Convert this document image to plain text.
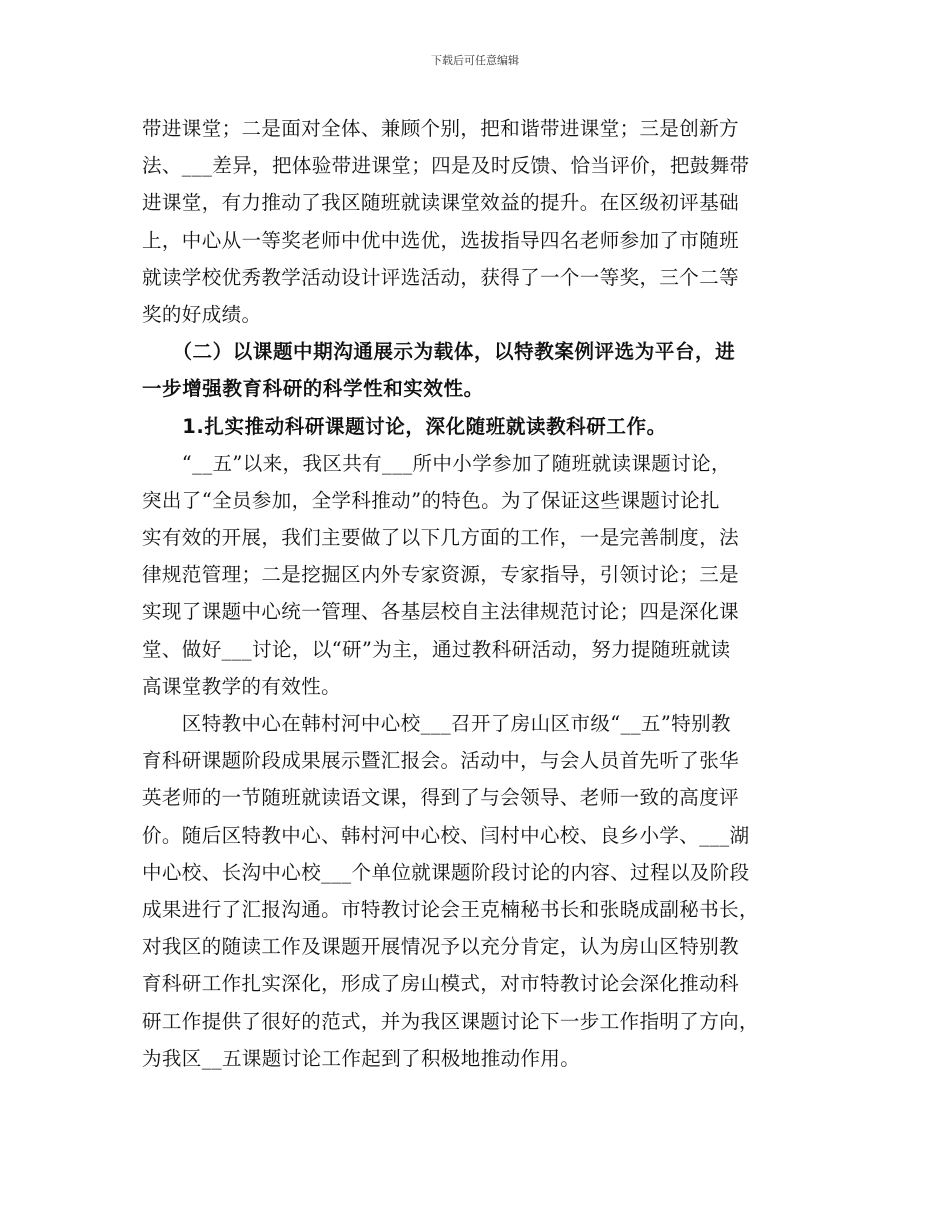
下载后可任意编辑
带进课堂；二是面对全体、兼顾个别，把和谐带进课堂；三是创新方
法、___差异，把体验带进课堂；四是及时反馈、恰当评价，把鼓舞带
进课堂，有力推动了我区随班就读课堂效益的提升。在区级初评基础
上，中心从一等奖老师中优中选优，选拔指导四名老师参加了市随班
就读学校优秀教学活动设计评选活动，获得了一个一等奖，三个二等
奖的好成绩。
　　（二）以课题中期沟通展示为载体，以特教案例评选为平台，进
一步增强教育科研的科学性和实效性。
　　1.扎实推动科研课题讨论，深化随班就读教科研工作。
　　“__五”以来，我区共有___所中小学参加了随班就读课题讨论，
突出了“全员参加，全学科推动”的特色。为了保证这些课题讨论扎
实有效的开展，我们主要做了以下几方面的工作，一是完善制度，法
律规范管理；二是挖掘区内外专家资源，专家指导，引领讨论；三是
实现了课题中心统一管理、各基层校自主法律规范讨论；四是深化课
堂、做好___讨论，以“研”为主，通过教科研活动，努力提随班就读
高课堂教学的有效性。
　　区特教中心在韩村河中心校___召开了房山区市级“__五”特别教
育科研课题阶段成果展示暨汇报会。活动中，与会人员首先听了张华
英老师的一节随班就读语文课，得到了与会领导、老师一致的高度评
价。随后区特教中心、韩村河中心校、闫村中心校、良乡小学、___湖
中心校、长沟中心校___个单位就课题阶段讨论的内容、过程以及阶段
成果进行了汇报沟通。市特教讨论会王克楠秘书长和张晓成副秘书长，
对我区的随读工作及课题开展情况予以充分肯定，认为房山区特别教
育科研工作扎实深化，形成了房山模式，对市特教讨论会深化推动科
研工作提供了很好的范式，并为我区课题讨论下一步工作指明了方向，
为我区__五课题讨论工作起到了积极地推动作用。
